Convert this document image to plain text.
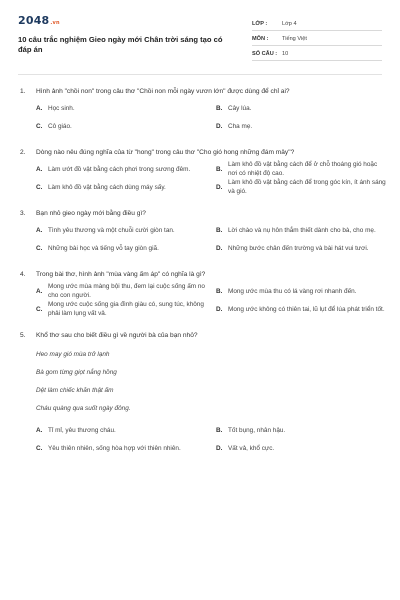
2048.vn
10 câu trắc nghiệm Gieo ngày mới Chân trời sáng tạo có đáp án
LỚP :	Lớp 4
MÔN :	Tiếng Việt
SỐ CÂU : 10
1.	Hình ảnh "chồi non" trong câu thơ "Chồi non mỗi ngày vươn lớn" được dùng để chỉ ai?
A. Học sinh.	B. Cây lúa.
C. Cô giáo.	D. Cha mẹ.
2.	Dòng nào nêu đúng nghĩa của từ "hong" trong câu thơ "Cho gió hong những đám mây"?
A. Làm ướt đồ vật bằng cách phơi trong sương đêm.	B.
Làm khô đồ vật bằng cách để ở chỗ thoáng gió hoặc nơi có nhiệt độ cao.
C. Làm khô đồ vật bằng cách dùng máy sấy.	D.
Làm khô đồ vật bằng cách để trong góc kín, ít ánh sáng và gió.
3.	Bạn nhỏ gieo ngày mới bằng điều gì?
A. Tình yêu thương và một chuỗi cười giòn tan.	B. Lời chào và nụ hôn thắm thiết dành cho bà, cho mẹ.
C. Những bài học và tiếng vỗ tay giòn giã.	D. Những bước chân đến trường và bài hát vui tươi.
4.	Trong bài thơ, hình ảnh "mùa vàng ấm áp" có nghĩa là gì?
A.
Mong ước mùa màng bội thu, đem lại cuộc sống ấm no cho con người.
B. Mong ước mùa thu có lá vàng rơi nhanh đến.
C.
Mong ước cuộc sống gia đình giàu có, sung túc, không phải làm lụng vất vả.
D. Mong ước không có thiên tai, lũ lụt để lúa phát triển tốt.
5.	Khổ thơ sau cho biết điều gì về người bà của bạn nhỏ?
Heo may gió mùa trở lạnh
Bà gom từng giọt nắng hồng
Dệt làm chiếc khăn thật ấm
Cháu quàng qua suốt ngày đông.
A. Tỉ mỉ, yêu thương cháu.	B. Tốt bụng, nhân hậu.
C. Yêu thiên nhiên, sống hòa hợp với thiên nhiên.	D. Vất vả, khổ cực.
